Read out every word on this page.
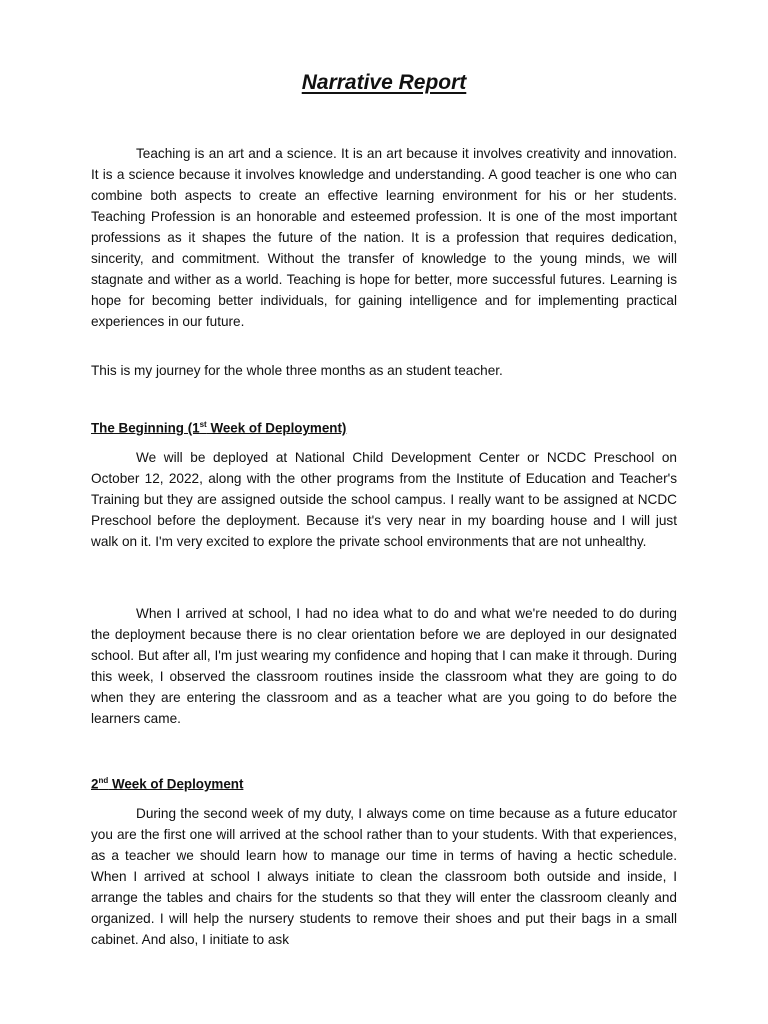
Narrative Report

Teaching is an art and a science. It is an art because it involves creativity and innovation. It is a science because it involves knowledge and understanding. A good teacher is one who can combine both aspects to create an effective learning environment for his or her students. Teaching Profession is an honorable and esteemed profession. It is one of the most important professions as it shapes the future of the nation. It is a profession that requires dedication, sincerity, and commitment. Without the transfer of knowledge to the young minds, we will stagnate and wither as a world. Teaching is hope for better, more successful futures. Learning is hope for becoming better individuals, for gaining intelligence and for implementing practical experiences in our future.

This is my journey for the whole three months as an student teacher.

The Beginning (1st Week of Deployment)

We will be deployed at National Child Development Center or NCDC Preschool on October 12, 2022, along with the other programs from the Institute of Education and Teacher's Training but they are assigned outside the school campus. I really want to be assigned at NCDC Preschool before the deployment. Because it's very near in my boarding house and I will just walk on it. I'm very excited to explore the private school environments that are not unhealthy.

When I arrived at school, I had no idea what to do and what we're needed to do during the deployment because there is no clear orientation before we are deployed in our designated school. But after all, I'm just wearing my confidence and hoping that I can make it through. During this week, I observed the classroom routines inside the classroom what they are going to do when they are entering the classroom and as a teacher what are you going to do before the learners came.

2nd Week of Deployment

During the second week of my duty, I always come on time because as a future educator you are the first one will arrived at the school rather than to your students. With that experiences, as a teacher we should learn how to manage our time in terms of having a hectic schedule. When I arrived at school I always initiate to clean the classroom both outside and inside, I arrange the tables and chairs for the students so that they will enter the classroom cleanly and organized. I will help the nursery students to remove their shoes and put their bags in a small cabinet. And also, I initiate to ask
